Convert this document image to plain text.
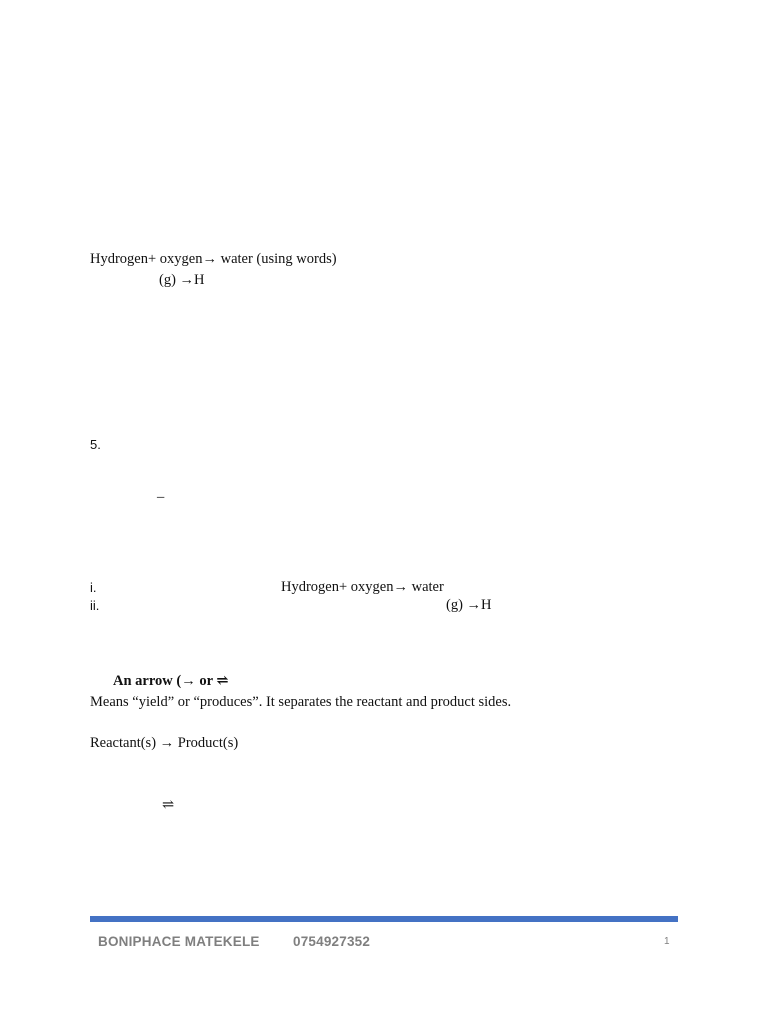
Hydrogen+ oxygen→ water (using words)
(g) →H
5.
–
i.	Hydrogen+ oxygen→ water
ii.	(g) →H
An arrow (→ or ⇌
Means “yield” or “produces”. It separates the reactant and product sides.
Reactant(s) → Product(s)
⇌
BONIPHACE MATEKELE 0754927352	1
